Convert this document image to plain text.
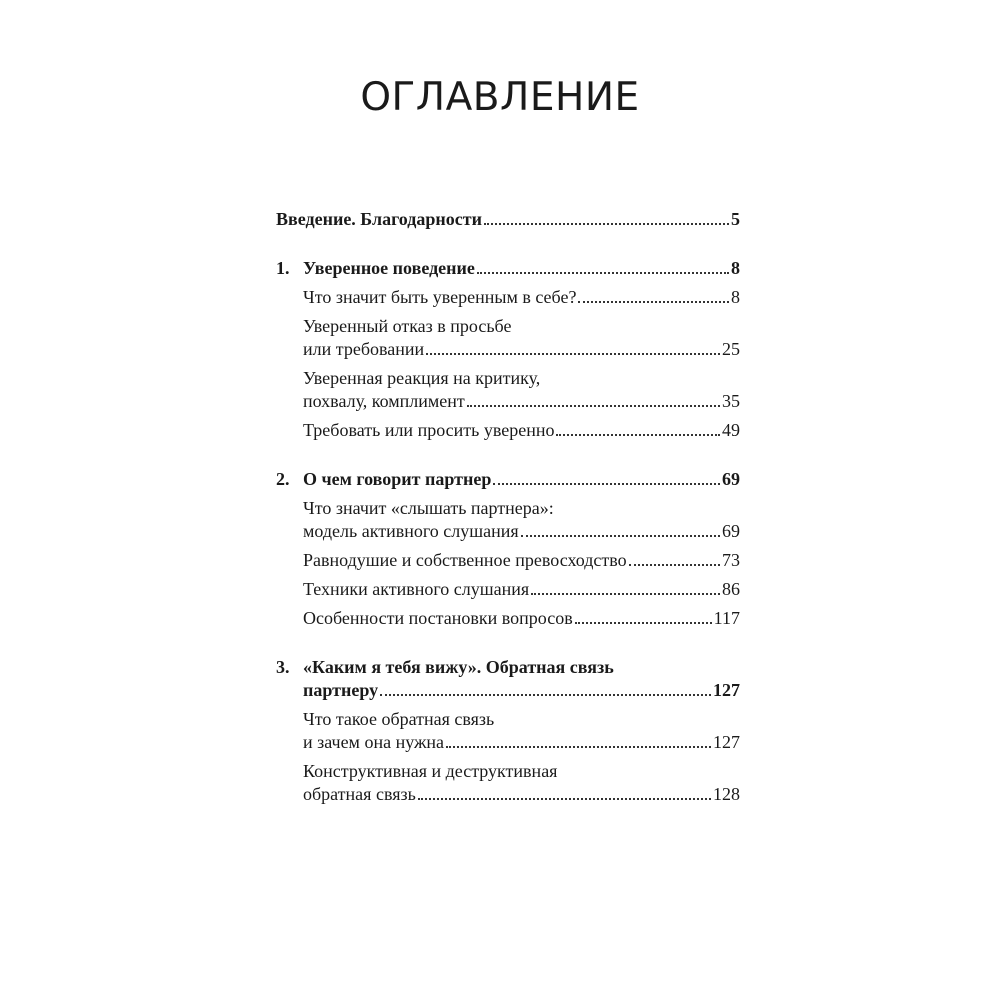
ОГЛАВЛЕНИЕ
Введение. Благодарности	5
1. Уверенное поведение	8
Что значит быть уверенным в себе?	8
Уверенный отказ в просьбе
или требовании	25
Уверенная реакция на критику,
похвалу, комплимент	35
Требовать или просить уверенно	49
2. О чем говорит партнер	69
Что значит «слышать партнера»:
модель активного слушания	69
Равнодушие и собственное превосходство	73
Техники активного слушания	86
Особенности постановки вопросов	117
3. «Каким я тебя вижу». Обратная связь
партнеру	127
Что такое обратная связь
и зачем она нужна	127
Конструктивная и деструктивная
обратная связь	128
